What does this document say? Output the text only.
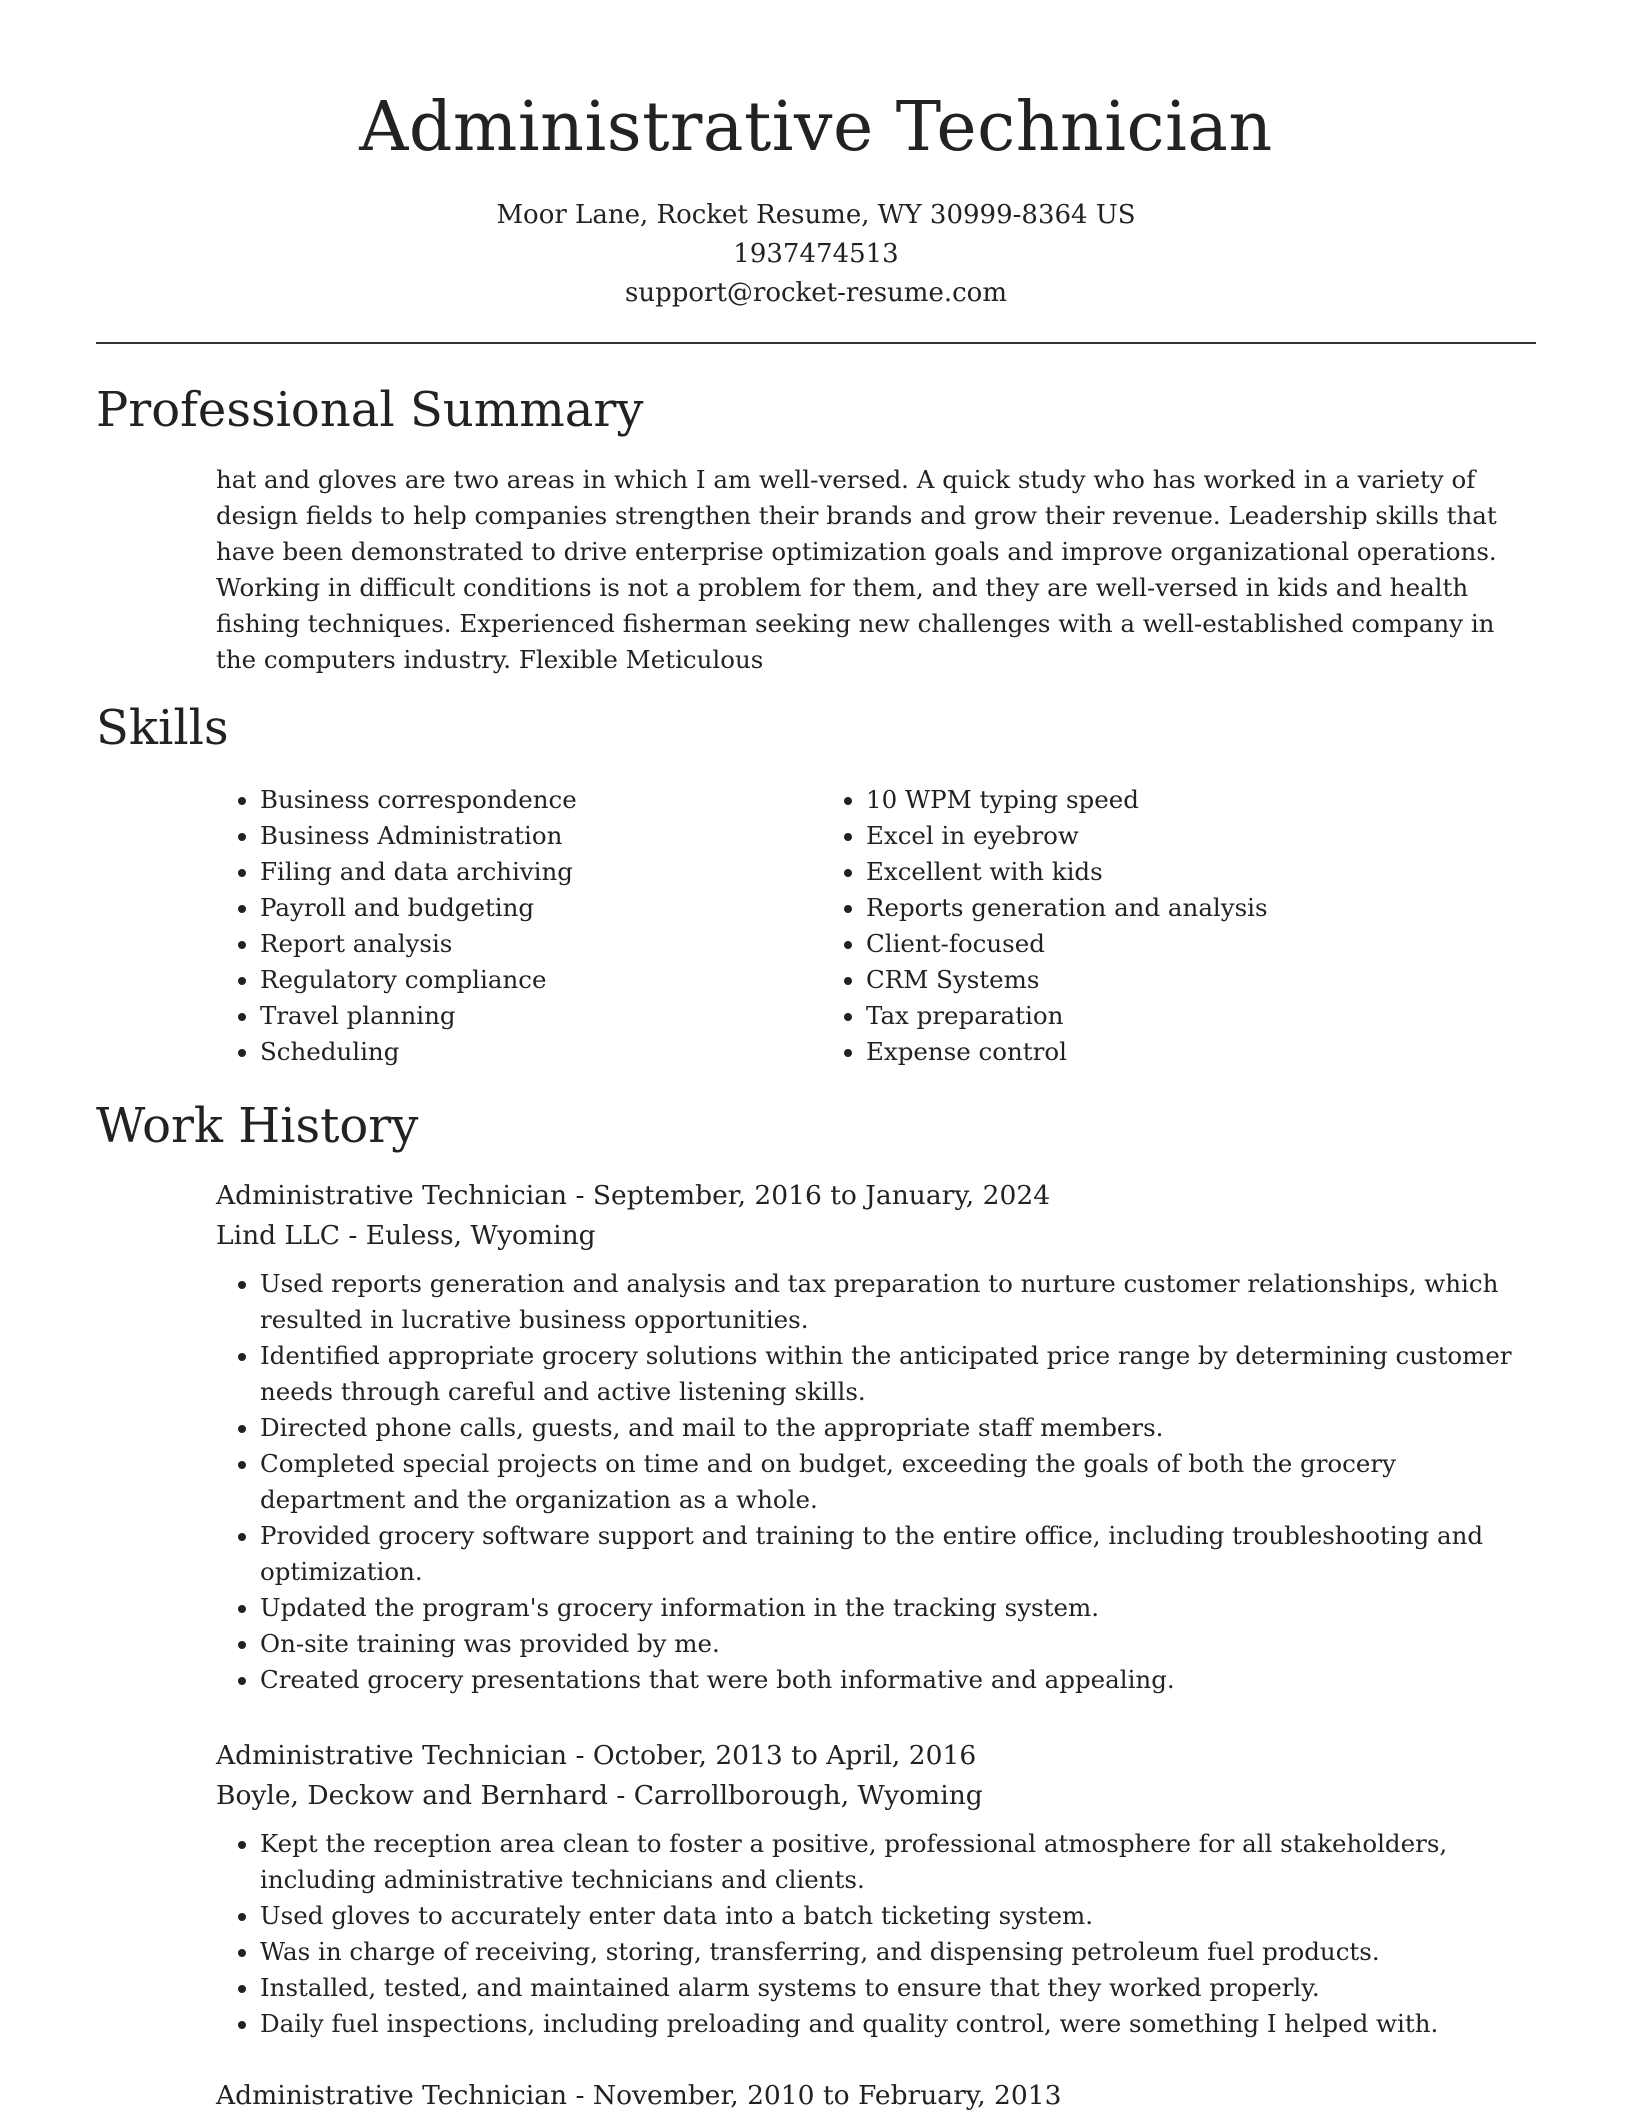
Administrative Technician
Moor Lane, Rocket Resume, WY 30999-8364 US
1937474513
support@rocket-resume.com
Professional Summary
hat and gloves are two areas in which I am well-versed. A quick study who has worked in a variety of design fields to help companies strengthen their brands and grow their revenue. Leadership skills that have been demonstrated to drive enterprise optimization goals and improve organizational operations. Working in difficult conditions is not a problem for them, and they are well-versed in kids and health fishing techniques. Experienced fisherman seeking new challenges with a well-established company in the computers industry. Flexible Meticulous
Skills
• Business correspondence
• Business Administration
• Filing and data archiving
• Payroll and budgeting
• Report analysis
• Regulatory compliance
• Travel planning
• Scheduling
• 10 WPM typing speed
• Excel in eyebrow
• Excellent with kids
• Reports generation and analysis
• Client-focused
• CRM Systems
• Tax preparation
• Expense control
Work History
Administrative Technician - September, 2016 to January, 2024
Lind LLC - Euless, Wyoming
• Used reports generation and analysis and tax preparation to nurture customer relationships, which resulted in lucrative business opportunities.
• Identified appropriate grocery solutions within the anticipated price range by determining customer needs through careful and active listening skills.
• Directed phone calls, guests, and mail to the appropriate staff members.
• Completed special projects on time and on budget, exceeding the goals of both the grocery department and the organization as a whole.
• Provided grocery software support and training to the entire office, including troubleshooting and optimization.
• Updated the program's grocery information in the tracking system.
• On-site training was provided by me.
• Created grocery presentations that were both informative and appealing.
Administrative Technician - October, 2013 to April, 2016
Boyle, Deckow and Bernhard - Carrollborough, Wyoming
• Kept the reception area clean to foster a positive, professional atmosphere for all stakeholders, including administrative technicians and clients.
• Used gloves to accurately enter data into a batch ticketing system.
• Was in charge of receiving, storing, transferring, and dispensing petroleum fuel products.
• Installed, tested, and maintained alarm systems to ensure that they worked properly.
• Daily fuel inspections, including preloading and quality control, were something I helped with.
Administrative Technician - November, 2010 to February, 2013
